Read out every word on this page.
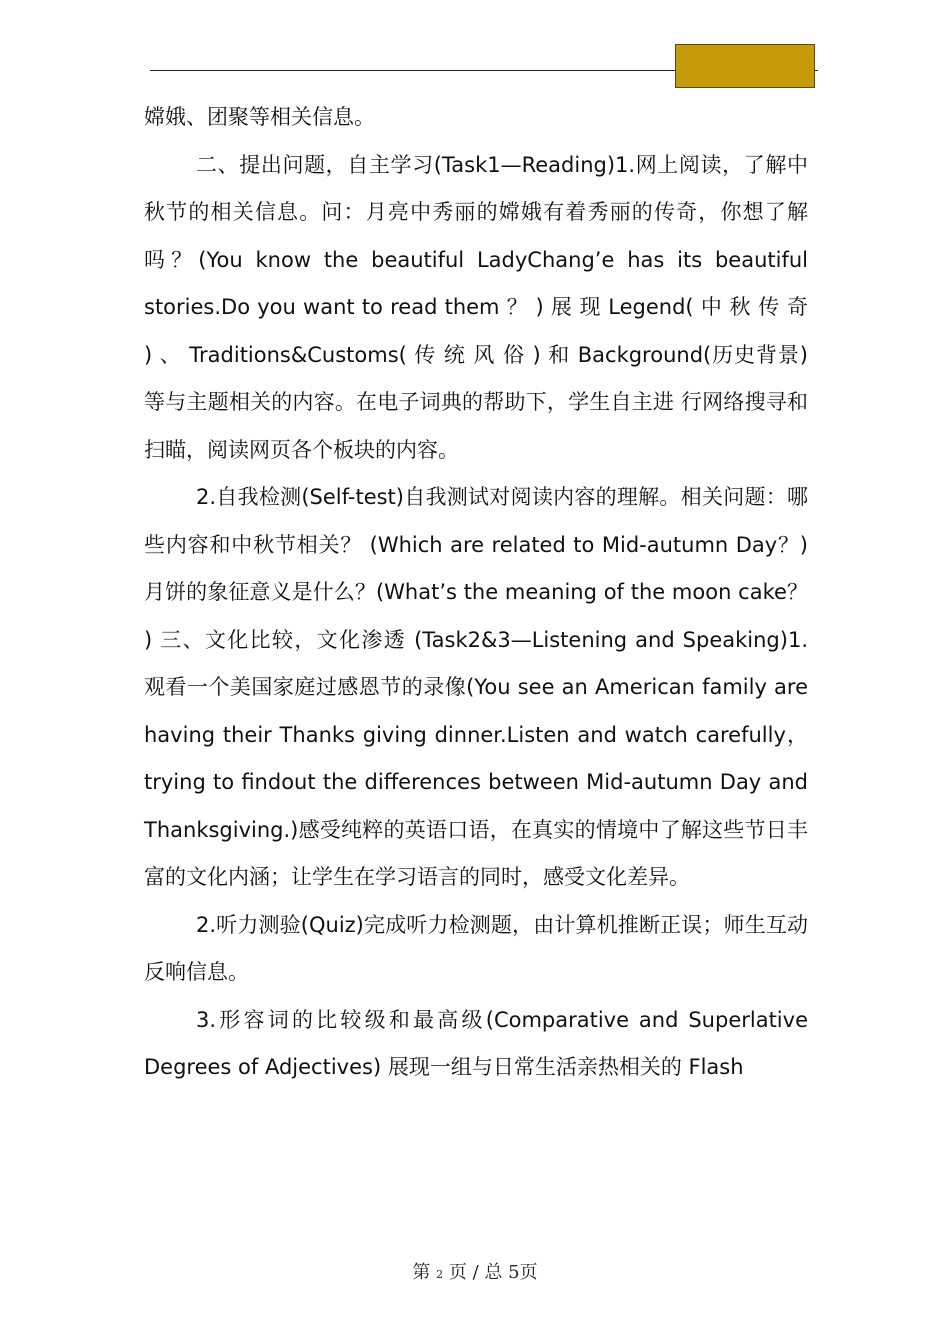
嫦娥、团聚等相关信息。

二、提出问题，自主学习(Task1—Reading)1.网上阅读，了解中秋节的相关信息。问：月亮中秀丽的嫦娥有着秀丽的传奇，你想了解吗？(You know the beautiful LadyChang’e has its beautiful stories.Do you want to read them ？ ) 展 现 Legend( 中 秋 传 奇 ) 、 Traditions&Customs( 传 统 风 俗 ) 和 Background(历史背景)等与主题相关的内容。在电子词典的帮助下，学生自主进 行网络搜寻和扫瞄，阅读网页各个板块的内容。

2.自我检测(Self-test)自我测试对阅读内容的理解。相关问题：哪些内容和中秋节相关？ (Which are related to Mid-autumn Day？)月饼的象征意义是什么？(What’s the meaning of the moon cake？ ) 三、文化比较，文化渗透 (Task2&3—Listening and Speaking)1.观看一个美国家庭过感恩节的录像(You see an American family are having their Thanks giving dinner.Listen and watch carefully， trying to findout the differences between Mid-autumn Day and Thanksgiving.)感受纯粹的英语口语，在真实的情境中了解这些节日丰富的文化内涵；让学生在学习语言的同时，感受文化差异。

2.听力测验(Quiz)完成听力检测题，由计算机推断正误；师生互动反响信息。

3.形容词的比较级和最高级(Comparative and Superlative Degrees of Adjectives) 展现一组与日常生活亲热相关的 Flash

第 2 页 / 总 5页
